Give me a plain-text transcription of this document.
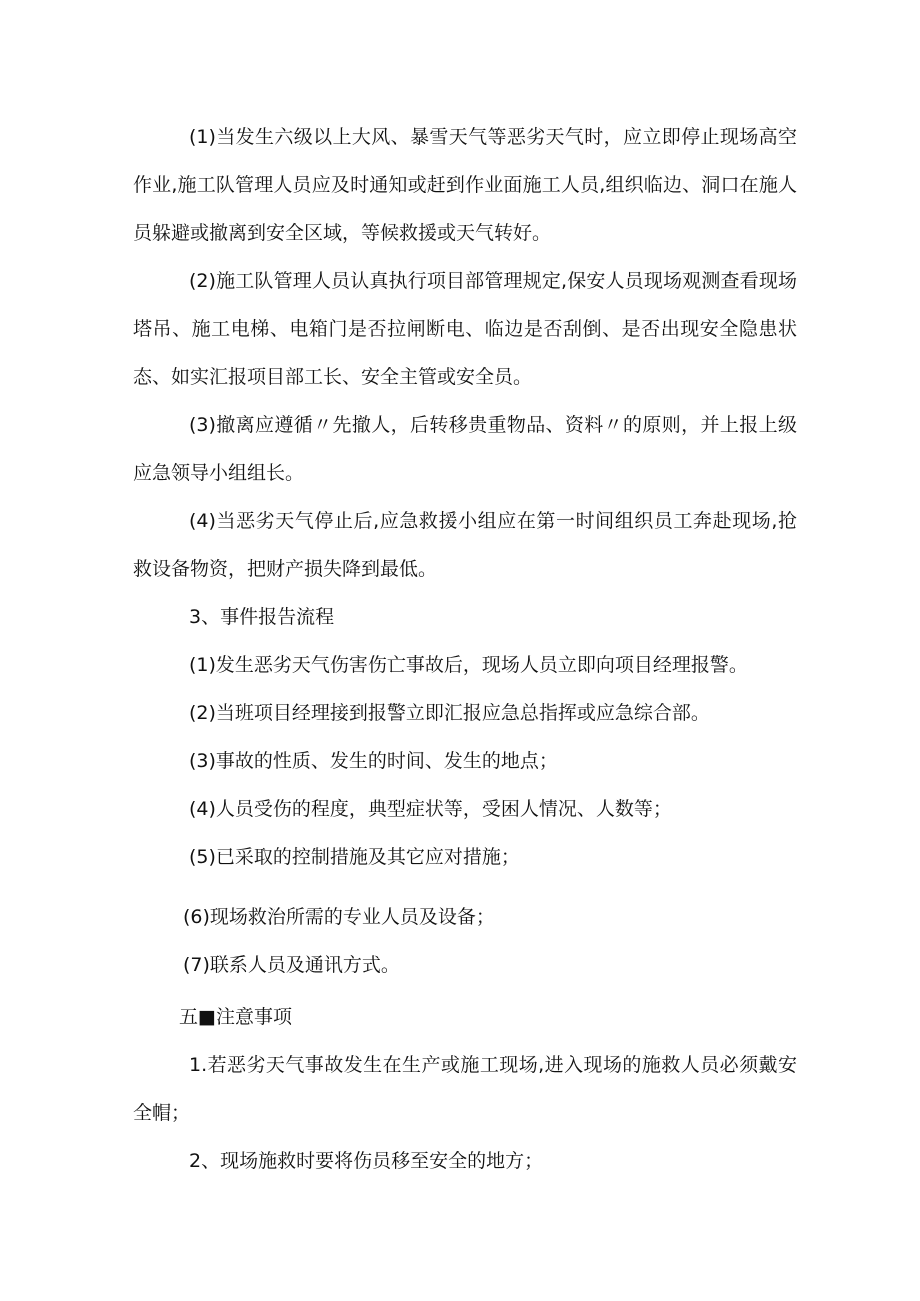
(1)当发生六级以上大风、暴雪天气等恶劣天气时，应立即停止现场高空作业,施工队管理人员应及时通知或赶到作业面施工人员,组织临边、洞口在施人员躲避或撤离到安全区域，等候救援或天气转好。

(2)施工队管理人员认真执行项目部管理规定,保安人员现场观测查看现场塔吊、施工电梯、电箱门是否拉闸断电、临边是否刮倒、是否出现安全隐患状态、如实汇报项目部工长、安全主管或安全员。

(3)撤离应遵循〃先撤人，后转移贵重物品、资料〃的原则，并上报上级应急领导小组组长。

(4)当恶劣天气停止后,应急救援小组应在第一时间组织员工奔赴现场,抢救设备物资，把财产损失降到最低。

3、事件报告流程

(1)发生恶劣天气伤害伤亡事故后，现场人员立即向项目经理报警。

(2)当班项目经理接到报警立即汇报应急总指挥或应急综合部。

(3)事故的性质、发生的时间、发生的地点；

(4)人员受伤的程度，典型症状等，受困人情况、人数等；

(5)已采取的控制措施及其它应对措施；

(6)现场救治所需的专业人员及设备；

(7)联系人员及通讯方式。

五■注意事项

1.若恶劣天气事故发生在生产或施工现场,进入现场的施救人员必须戴安全帽；

2、现场施救时要将伤员移至安全的地方；
